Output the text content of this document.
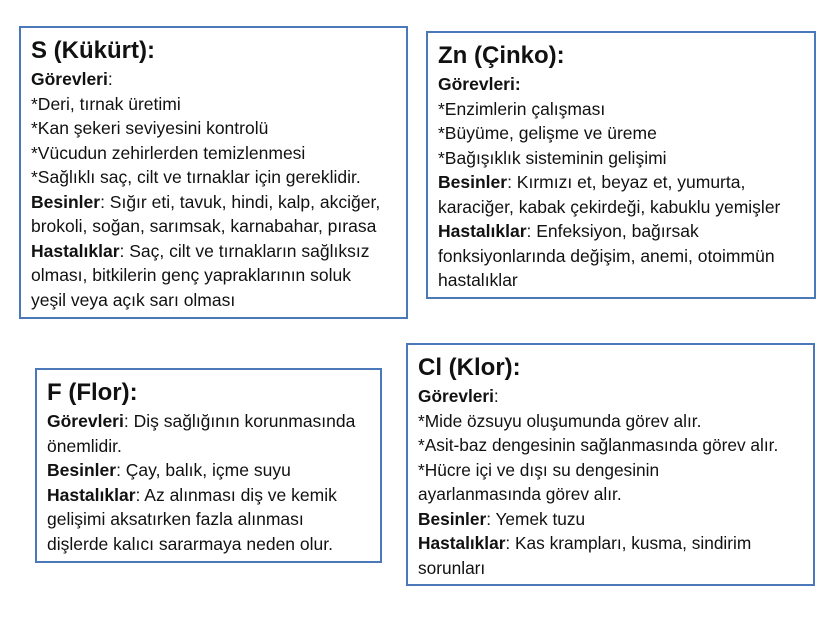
S (Kükürt):
Görevleri:
*Deri, tırnak üretimi
*Kan şekeri seviyesini kontrolü
*Vücudun zehirlerden temizlenmesi
*Sağlıklı saç, cilt ve tırnaklar için gereklidir.
Besinler: Sığır eti, tavuk, hindi, kalp, akciğer,
brokoli, soğan, sarımsak, karnabahar, pırasa
Hastalıklar: Saç, cilt ve tırnakların sağlıksız
olması, bitkilerin genç yapraklarının soluk
yeşil veya açık sarı olması
Zn (Çinko):
Görevleri:
*Enzimlerin çalışması
*Büyüme, gelişme ve üreme
*Bağışıklık sisteminin gelişimi
Besinler: Kırmızı et, beyaz et, yumurta,
karaciğer, kabak çekirdeği, kabuklu yemişler
Hastalıklar: Enfeksiyon, bağırsak
fonksiyonlarında değişim, anemi, otoimmün
hastalıklar
F (Flor):
Görevleri: Diş sağlığının korunmasında
önemlidir.
Besinler: Çay, balık, içme suyu
Hastalıklar: Az alınması diş ve kemik
gelişimi aksatırken fazla alınması
dişlerde kalıcı sararmaya neden olur.
Cl (Klor):
Görevleri:
*Mide özsuyu oluşumunda görev alır.
*Asit-baz dengesinin sağlanmasında görev alır.
*Hücre içi ve dışı su dengesinin
ayarlanmasında görev alır.
Besinler: Yemek tuzu
Hastalıklar: Kas krampları, kusma, sindirim
sorunları
